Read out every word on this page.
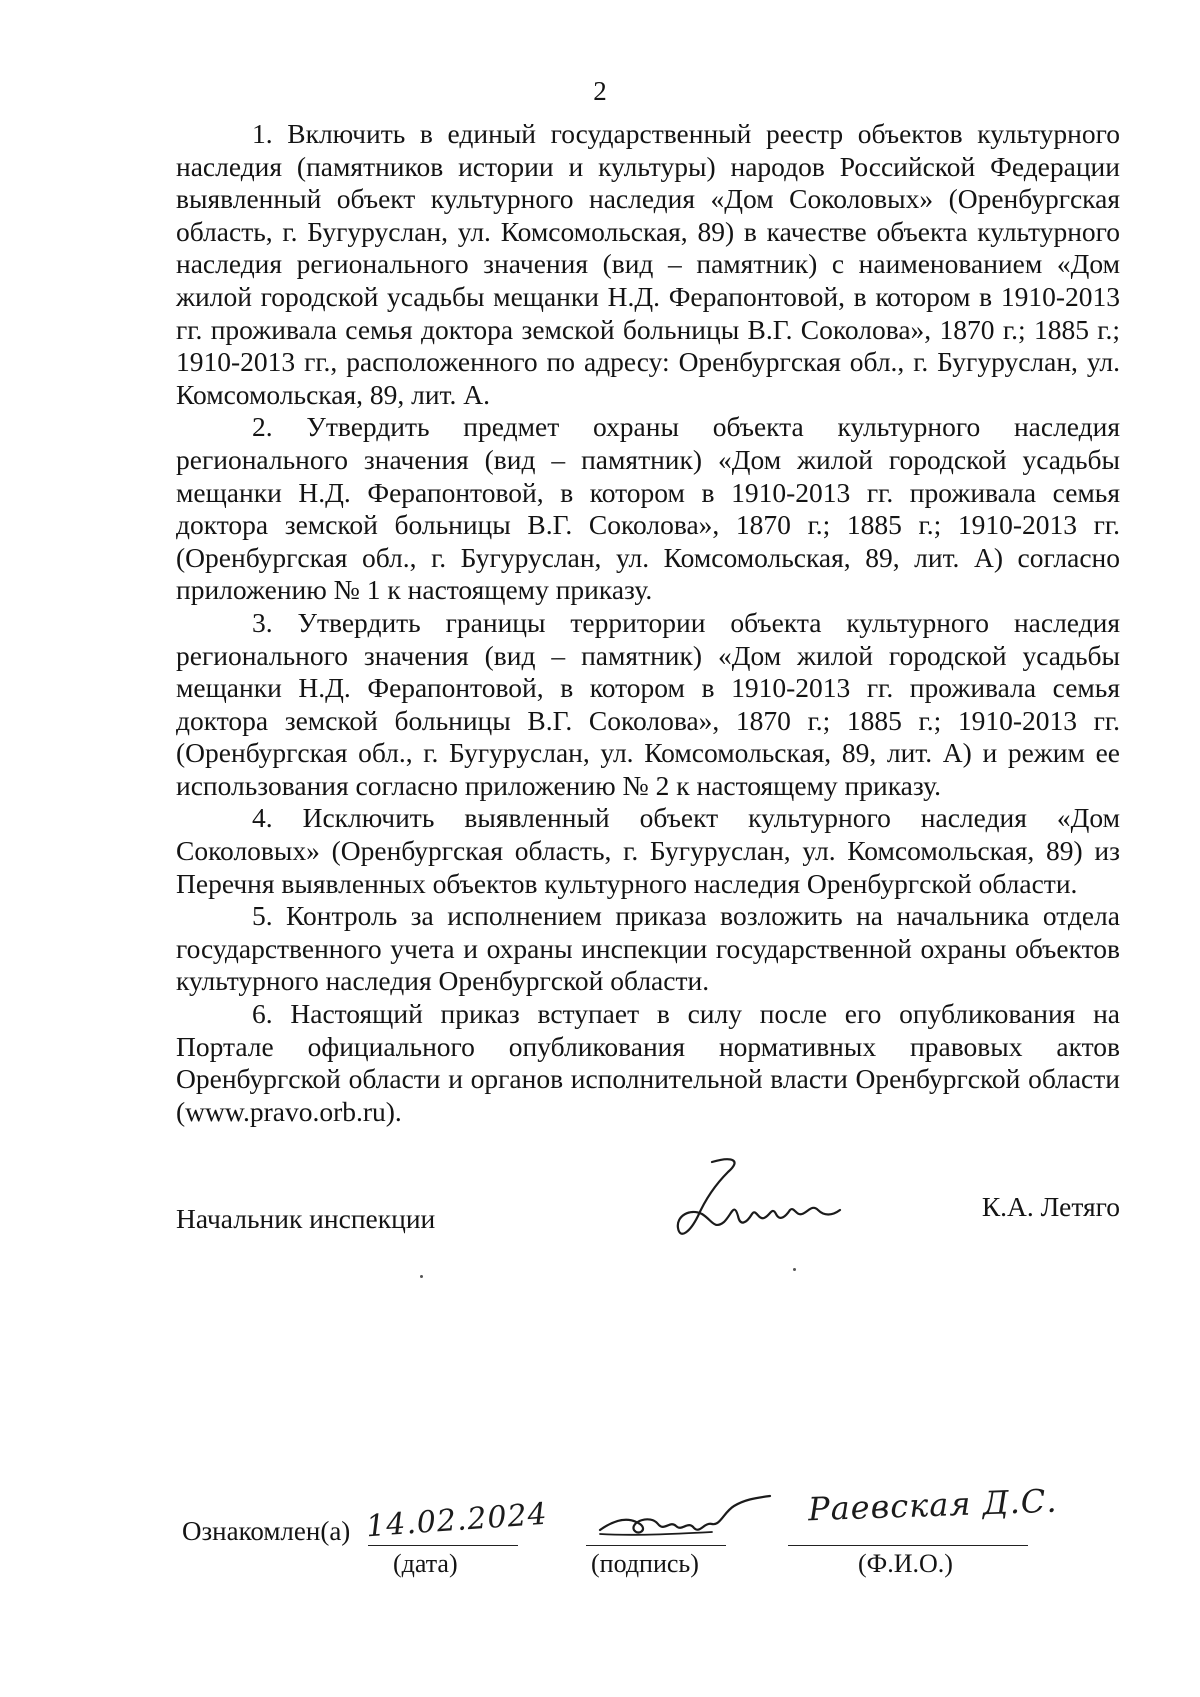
2

1. Включить в единый государственный реестр объектов культурного наследия (памятников истории и культуры) народов Российской Федерации выявленный объект культурного наследия «Дом Соколовых» (Оренбургская область, г. Бугуруслан, ул. Комсомольская, 89) в качестве объекта культурного наследия регионального значения (вид – памятник) с наименованием «Дом жилой городской усадьбы мещанки Н.Д. Ферапонтовой, в котором в 1910-2013 гг. проживала семья доктора земской больницы В.Г. Соколова», 1870 г.; 1885 г.; 1910-2013 гг., расположенного по адресу: Оренбургская обл., г. Бугуруслан, ул. Комсомольская, 89, лит. А.

2. Утвердить предмет охраны объекта культурного наследия регионального значения (вид – памятник) «Дом жилой городской усадьбы мещанки Н.Д. Ферапонтовой, в котором в 1910-2013 гг. проживала семья доктора земской больницы В.Г. Соколова», 1870 г.; 1885 г.; 1910-2013 гг. (Оренбургская обл., г. Бугуруслан, ул. Комсомольская, 89, лит. А) согласно приложению № 1 к настоящему приказу.

3. Утвердить границы территории объекта культурного наследия регионального значения (вид – памятник) «Дом жилой городской усадьбы мещанки Н.Д. Ферапонтовой, в котором в 1910-2013 гг. проживала семья доктора земской больницы В.Г. Соколова», 1870 г.; 1885 г.; 1910-2013 гг. (Оренбургская обл., г. Бугуруслан, ул. Комсомольская, 89, лит. А) и режим ее использования согласно приложению № 2 к настоящему приказу.

4. Исключить выявленный объект культурного наследия «Дом Соколовых» (Оренбургская область, г. Бугуруслан, ул. Комсомольская, 89) из Перечня выявленных объектов культурного наследия Оренбургской области.

5. Контроль за исполнением приказа возложить на начальника отдела государственного учета и охраны инспекции государственной охраны объектов культурного наследия Оренбургской области.

6. Настоящий приказ вступает в силу после его опубликования на Портале официального опубликования нормативных правовых актов Оренбургской области и органов исполнительной власти Оренбургской области (www.pravo.orb.ru).

Начальник инспекции	К.А. Летяго
Ознакомлен(а) 14.02.2024
(дата)	(подпись)
Раевская Д.С.
(Ф.И.О.)
